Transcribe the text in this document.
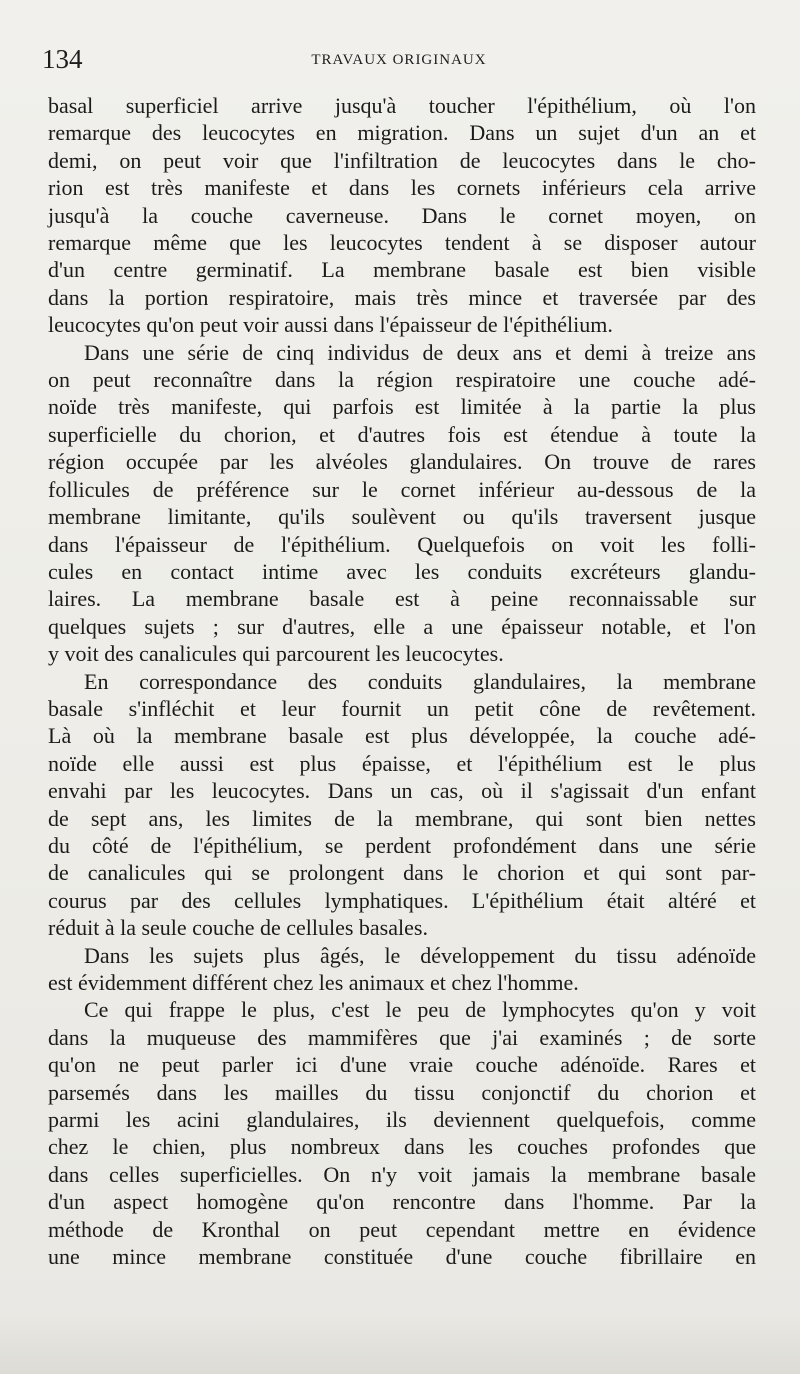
134	TRAVAUX ORIGINAUX

basal superficiel arrive jusqu'à toucher l'épithélium, où l'on

remarque des leucocytes en migration. Dans un sujet d'un an et

demi, on peut voir que l'infiltration de leucocytes dans le cho-

rion est très manifeste et dans les cornets inférieurs cela arrive

jusqu'à la couche caverneuse. Dans le cornet moyen, on

remarque même que les leucocytes tendent à se disposer autour

d'un centre germinatif. La membrane basale est bien visible

dans la portion respiratoire, mais très mince et traversée par des

leucocytes qu'on peut voir aussi dans l'épaisseur de l'épithélium.

Dans une série de cinq individus de deux ans et demi à treize ans

on peut reconnaître dans la région respiratoire une couche adé-

noïde très manifeste, qui parfois est limitée à la partie la plus

superficielle du chorion, et d'autres fois est étendue à toute la

région occupée par les alvéoles glandulaires. On trouve de rares

follicules de préférence sur le cornet inférieur au-dessous de la

membrane limitante, qu'ils soulèvent ou qu'ils traversent jusque

dans l'épaisseur de l'épithélium. Quelquefois on voit les folli-

cules en contact intime avec les conduits excréteurs glandu-

laires. La membrane basale est à peine reconnaissable sur

quelques sujets ; sur d'autres, elle a une épaisseur notable, et l'on

y voit des canalicules qui parcourent les leucocytes.

En correspondance des conduits glandulaires, la membrane

basale s'infléchit et leur fournit un petit cône de revêtement.

Là où la membrane basale est plus développée, la couche adé-

noïde elle aussi est plus épaisse, et l'épithélium est le plus

envahi par les leucocytes. Dans un cas, où il s'agissait d'un enfant

de sept ans, les limites de la membrane, qui sont bien nettes

du côté de l'épithélium, se perdent profondément dans une série

de canalicules qui se prolongent dans le chorion et qui sont par-

courus par des cellules lymphatiques. L'épithélium était altéré et

réduit à la seule couche de cellules basales.

Dans les sujets plus âgés, le développement du tissu adénoïde

est évidemment différent chez les animaux et chez l'homme.

Ce qui frappe le plus, c'est le peu de lymphocytes qu'on y voit

dans la muqueuse des mammifères que j'ai examinés ; de sorte

qu'on ne peut parler ici d'une vraie couche adénoïde. Rares et

parsemés dans les mailles du tissu conjonctif du chorion et

parmi les acini glandulaires, ils deviennent quelquefois, comme

chez le chien, plus nombreux dans les couches profondes que

dans celles superficielles. On n'y voit jamais la membrane basale

d'un aspect homogène qu'on rencontre dans l'homme. Par la

méthode de Kronthal on peut cependant mettre en évidence

une mince membrane constituée d'une couche fibrillaire en
